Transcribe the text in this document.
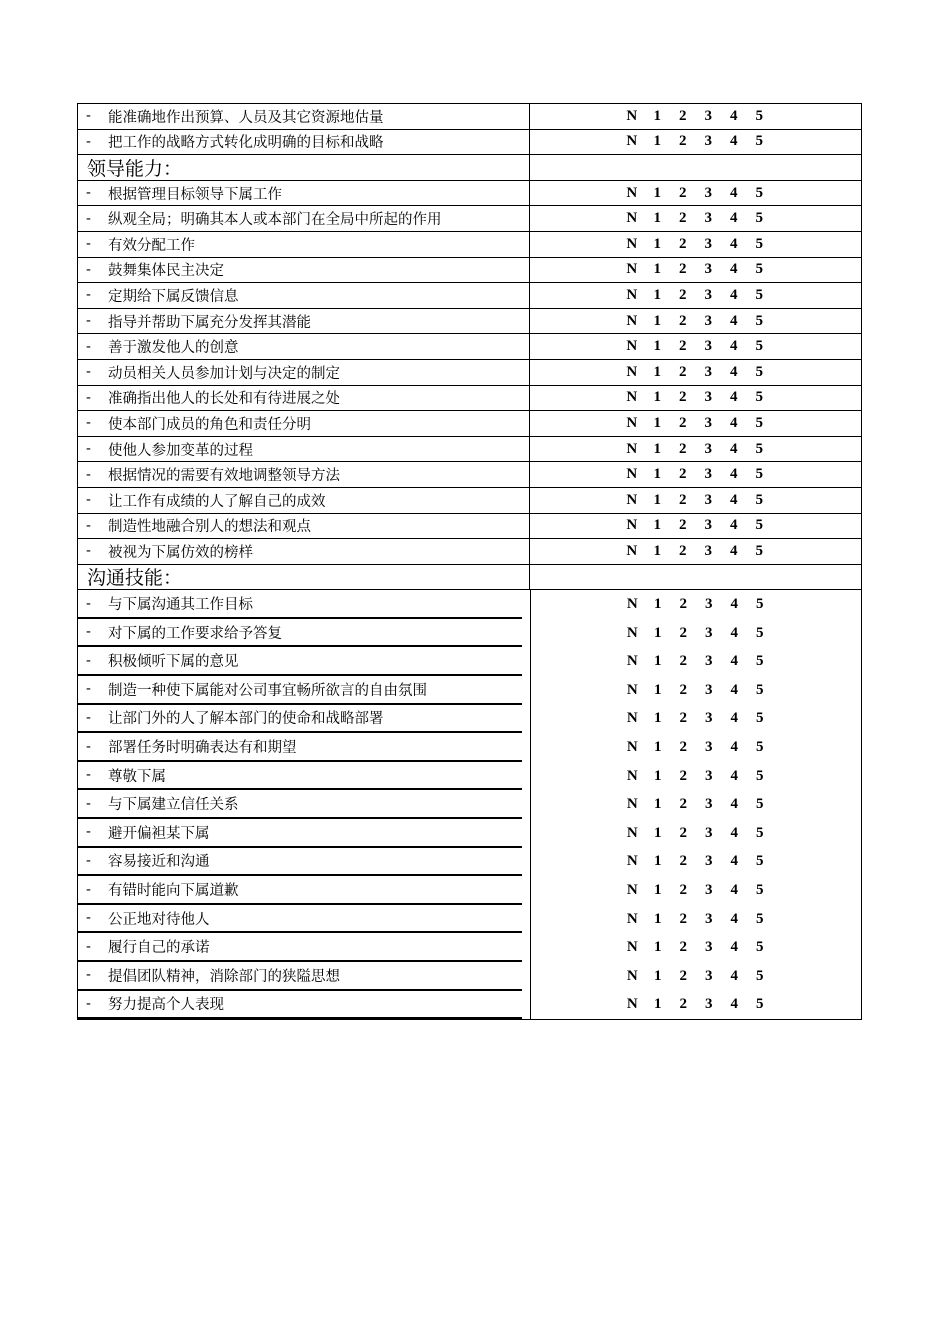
-	能准确地作出预算、人员及其它资源地估量	N	1	2	3	4	5
-	把工作的战略方式转化成明确的目标和战略	N	1	2	3	4	5
领导能力：
-	根据管理目标领导下属工作	N	1	2	3	4	5
-	纵观全局；明确其本人或本部门在全局中所起的作用	N	1	2	3	4	5
-	有效分配工作	N	1	2	3	4	5
-	鼓舞集体民主决定	N	1	2	3	4	5
-	定期给下属反馈信息	N	1	2	3	4	5
-	指导并帮助下属充分发挥其潜能	N	1	2	3	4	5
-	善于激发他人的创意	N	1	2	3	4	5
-	动员相关人员参加计划与决定的制定	N	1	2	3	4	5
-	准确指出他人的长处和有待进展之处	N	1	2	3	4	5
-	使本部门成员的角色和责任分明	N	1	2	3	4	5
-	使他人参加变革的过程	N	1	2	3	4	5
-	根据情况的需要有效地调整领导方法	N	1	2	3	4	5
-	让工作有成绩的人了解自己的成效	N	1	2	3	4	5
-	制造性地融合别人的想法和观点	N	1	2	3	4	5
-	被视为下属仿效的榜样	N	1	2	3	4	5
沟通技能：
-	与下属沟通其工作目标	N	1	2	3	4	5
-	对下属的工作要求给予答复	N	1	2	3	4	5
-	积极倾听下属的意见	N	1	2	3	4	5
-	制造一种使下属能对公司事宜畅所欲言的自由氛围	N	1	2	3	4	5
-	让部门外的人了解本部门的使命和战略部署	N	1	2	3	4	5
-	部署任务时明确表达有和期望	N	1	2	3	4	5
-	尊敬下属	N	1	2	3	4	5
-	与下属建立信任关系	N	1	2	3	4	5
-	避开偏袒某下属	N	1	2	3	4	5
-	容易接近和沟通	N	1	2	3	4	5
-	有错时能向下属道歉	N	1	2	3	4	5
-	公正地对待他人	N	1	2	3	4	5
-	履行自己的承诺	N	1	2	3	4	5
-	提倡团队精神，消除部门的狭隘思想	N	1	2	3	4	5
-	努力提高个人表现	N	1	2	3	4	5
